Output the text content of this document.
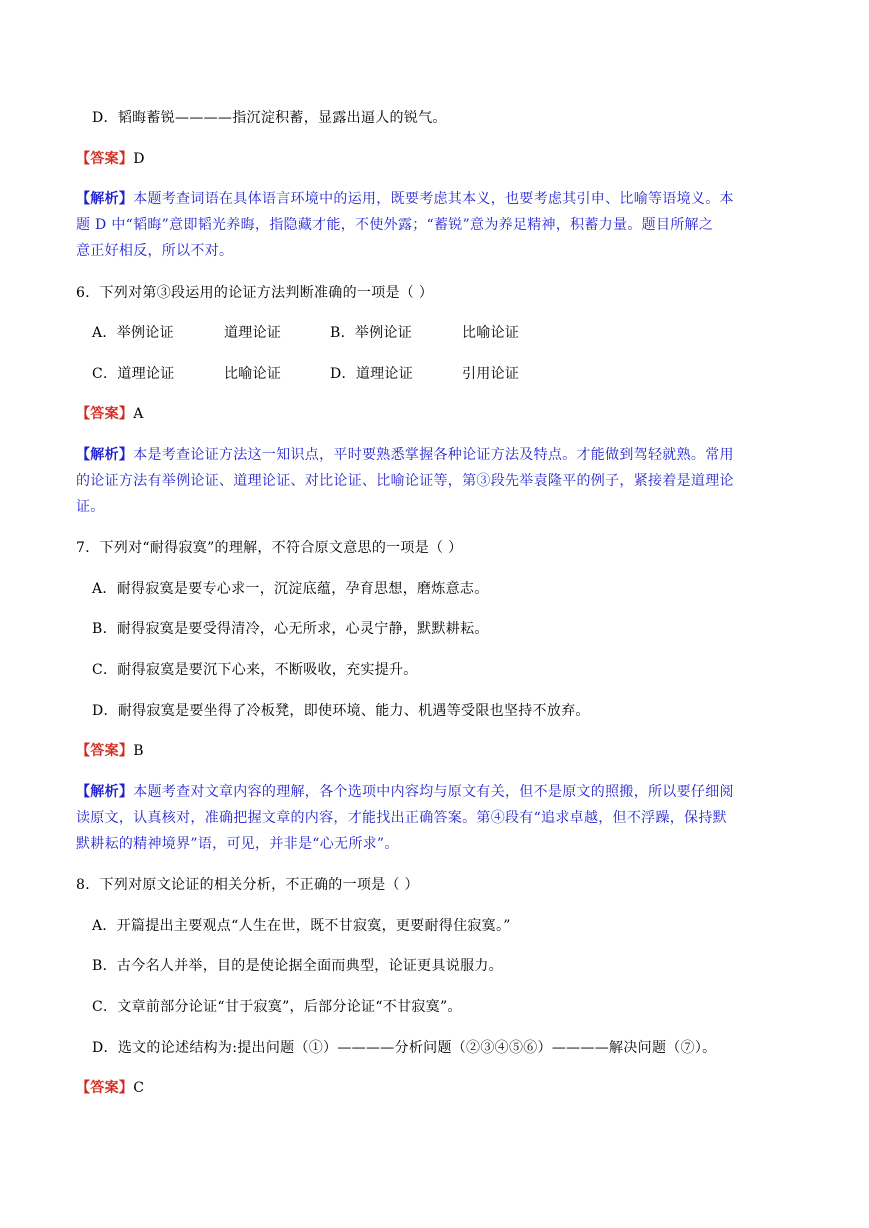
D．韬晦蓄锐————指沉淀积蓄，显露出逼人的锐气。
【答案】D
【解析】本题考查词语在具体语言环境中的运用，既要考虑其本义，也要考虑其引申、比喻等语境义。本
题 D 中“韬晦”意即韬光养晦，指隐藏才能，不使外露；“蓄锐”意为养足精神，积蓄力量。题目所解之
意正好相反，所以不对。
6．下列对第③段运用的论证方法判断准确的一项是（ ）
A．举例论证	道理论证	B．举例论证	比喻论证
C．道理论证	比喻论证	D．道理论证	引用论证
【答案】A
【解析】本是考查论证方法这一知识点，平时要熟悉掌握各种论证方法及特点。才能做到驾轻就熟。常用
的论证方法有举例论证、道理论证、对比论证、比喻论证等，第③段先举袁隆平的例子，紧接着是道理论
证。
7．下列对“耐得寂寞”的理解，不符合原文意思的一项是（ ）
A．耐得寂寞是要专心求一，沉淀底蕴，孕育思想，磨炼意志。
B．耐得寂寞是要受得清冷，心无所求，心灵宁静，默默耕耘。
C．耐得寂寞是要沉下心来，不断吸收，充实提升。
D．耐得寂寞是要坐得了冷板凳，即使环境、能力、机遇等受限也坚持不放弃。
【答案】B
【解析】本题考查对文章内容的理解，各个选项中内容均与原文有关，但不是原文的照搬，所以要仔细阅
读原文，认真核对，准确把握文章的内容，才能找出正确答案。第④段有“追求卓越，但不浮躁，保持默
默耕耘的精神境界”语，可见，并非是“心无所求”。
8．下列对原文论证的相关分析，不正确的一项是（ ）
A．开篇提出主要观点“人生在世，既不甘寂寞，更要耐得住寂寞。”
B．古今名人并举，目的是使论据全面而典型，论证更具说服力。
C．文章前部分论证“甘于寂寞”，后部分论证“不甘寂寞”。
D．选文的论述结构为:提出问题（①）————分析问题（②③④⑤⑥）————解决问题（⑦）。
【答案】C
